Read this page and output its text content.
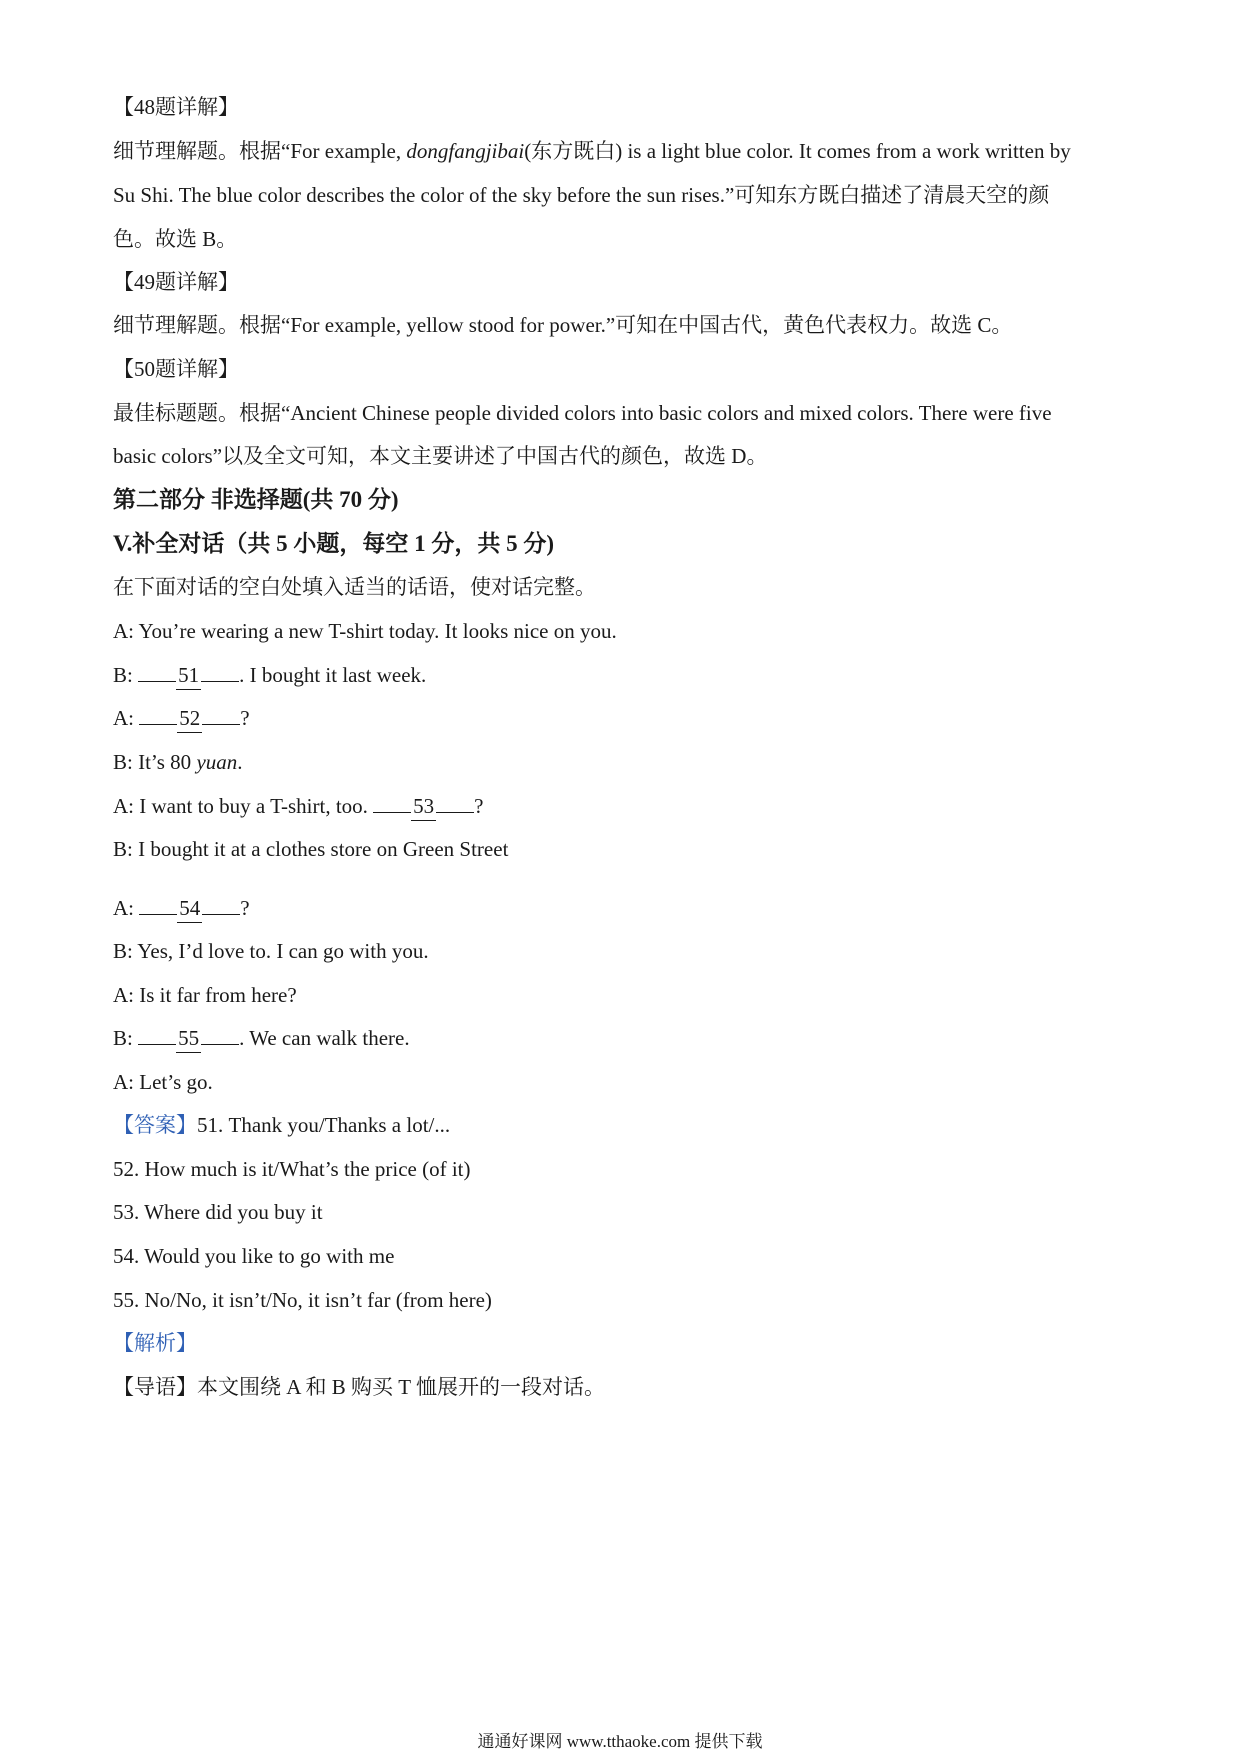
【48题详解】
细节理解题。根据“For example, dongfangjibai(东方既白) is a light blue color. It comes from a work written by
Su Shi. The blue color describes the color of the sky before the sun rises.”可知东方既白描述了清晨天空的颜
色。故选 B。
【49题详解】
细节理解题。根据“For example, yellow stood for power.”可知在中国古代，黄色代表权力。故选 C。
【50题详解】
最佳标题题。根据“Ancient Chinese people divided colors into basic colors and mixed colors. There were five
basic colors”以及全文可知，本文主要讲述了中国古代的颜色，故选 D。
第二部分 非选择题(共 70 分)
V.补全对话（共 5 小题，每空 1 分，共 5 分)
在下面对话的空白处填入适当的话语，使对话完整。
A: You’re wearing a new T-shirt today. It looks nice on you.
B: 51 . I bought it last week.
A: 52 ?
B: It’s 80 yuan.
A: I want to buy a T-shirt, too. 53 ?
B: I bought it at a clothes store on Green Street
A: 54 ?
B: Yes, I’d love to. I can go with you.
A: Is it far from here?
B: 55 . We can walk there.
A: Let’s go.
【答案】51. Thank you/Thanks a lot/...
52. How much is it/What’s the price (of it)
53. Where did you buy it
54. Would you like to go with me
55. No/No, it isn’t/No, it isn’t far (from here)
【解析】
【导语】本文围绕 A 和 B 购买 T 恤展开的一段对话。
通通好课网 www.tthaoke.com 提供下载
